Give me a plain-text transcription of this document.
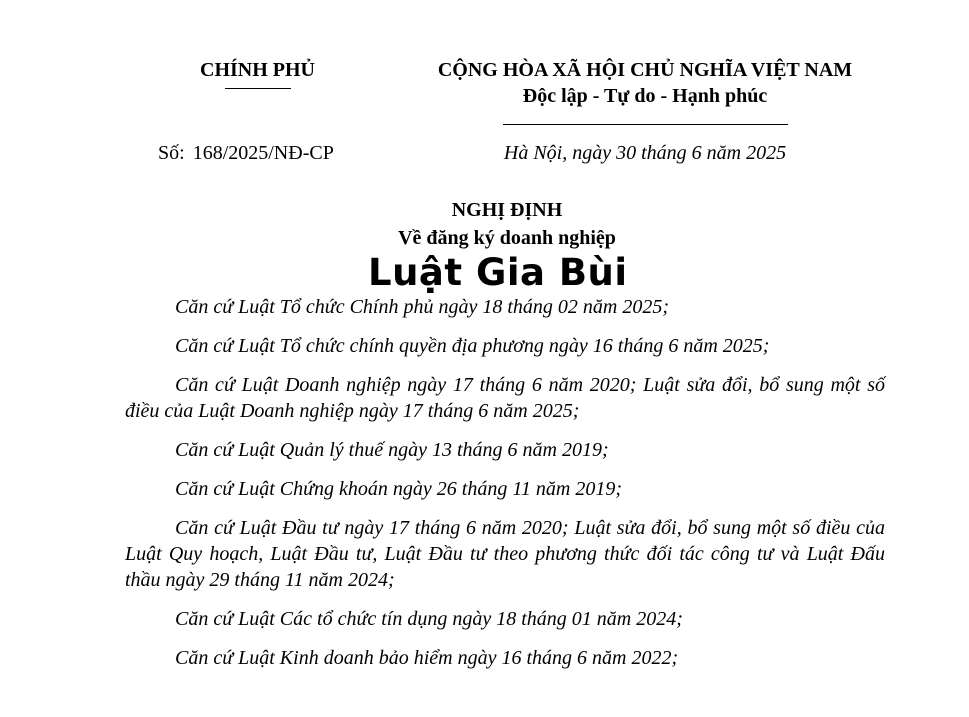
CHÍNH PHỦ	CỘNG HÒA XÃ HỘI CHỦ NGHĨA VIỆT NAM
Độc lập - Tự do - Hạnh phúc
Số: 168/2025/NĐ-CP	Hà Nội, ngày 30 tháng 6 năm 2025
NGHỊ ĐỊNH
Về đăng ký doanh nghiệp
Luật Gia Bùi

Căn cứ Luật Tổ chức Chính phủ ngày 18 tháng 02 năm 2025;

Căn cứ Luật Tổ chức chính quyền địa phương ngày 16 tháng 6 năm 2025;

Căn cứ Luật Doanh nghiệp ngày 17 tháng 6 năm 2020; Luật sửa đổi, bổ sung một số điều của Luật Doanh nghiệp ngày 17 tháng 6 năm 2025;

Căn cứ Luật Quản lý thuế ngày 13 tháng 6 năm 2019;

Căn cứ Luật Chứng khoán ngày 26 tháng 11 năm 2019;

Căn cứ Luật Đầu tư ngày 17 tháng 6 năm 2020; Luật sửa đổi, bổ sung một số điều của Luật Quy hoạch, Luật Đầu tư, Luật Đầu tư theo phương thức đối tác công tư và Luật Đấu thầu ngày 29 tháng 11 năm 2024;

Căn cứ Luật Các tổ chức tín dụng ngày 18 tháng 01 năm 2024;

Căn cứ Luật Kinh doanh bảo hiểm ngày 16 tháng 6 năm 2022;
